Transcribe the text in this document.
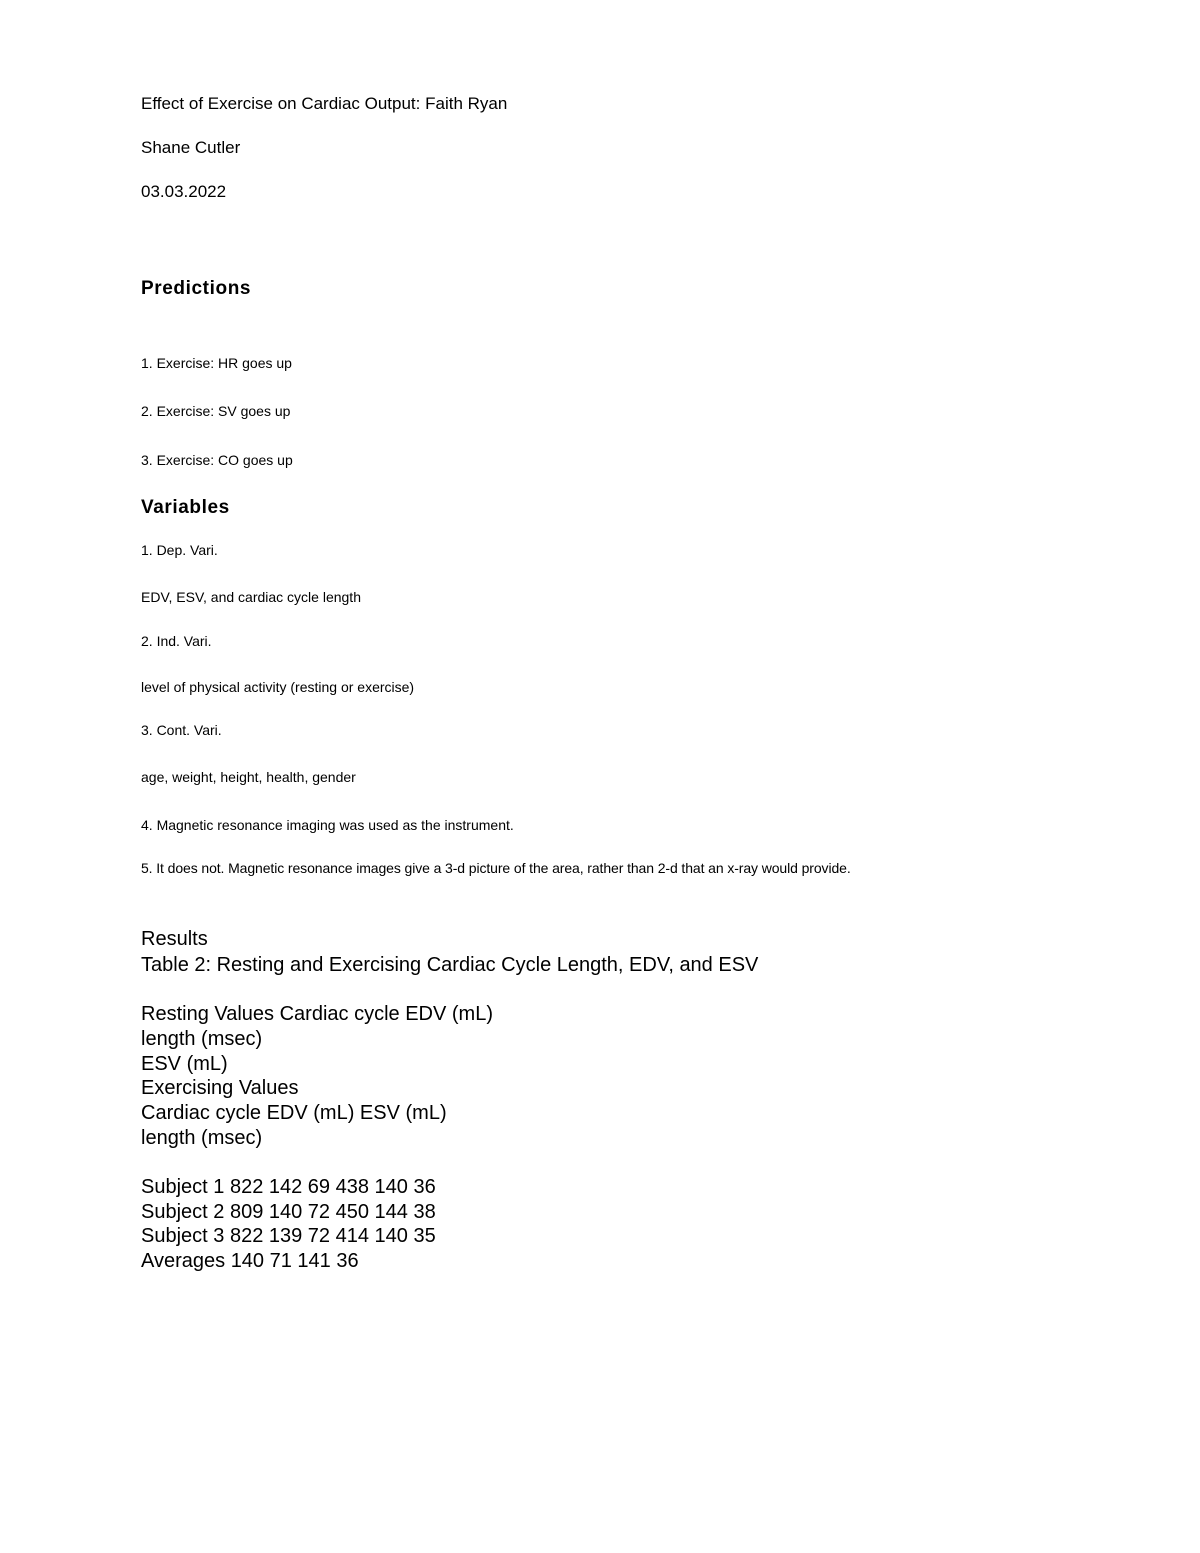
Effect of Exercise on Cardiac Output: Faith Ryan
Shane Cutler
03.03.2022
Predictions
1. Exercise: HR goes up
2. Exercise: SV goes up
3. Exercise: CO goes up
Variables
1. Dep. Vari.
EDV, ESV, and cardiac cycle length
2. Ind. Vari.
level of physical activity (resting or exercise)
3. Cont. Vari.
age, weight, height, health, gender
4. Magnetic resonance imaging was used as the instrument.
5. It does not. Magnetic resonance images give a 3-d picture of the area, rather than 2-d that an x-ray would provide.
Results
Table 2: Resting and Exercising Cardiac Cycle Length, EDV, and ESV
Resting Values Cardiac cycle EDV (mL)
length (msec)
ESV (mL)
Exercising Values
Cardiac cycle EDV (mL) ESV (mL)
length (msec)
Subject 1 822 142 69 438 140 36
Subject 2 809 140 72 450 144 38
Subject 3 822 139 72 414 140 35
Averages 140 71 141 36
